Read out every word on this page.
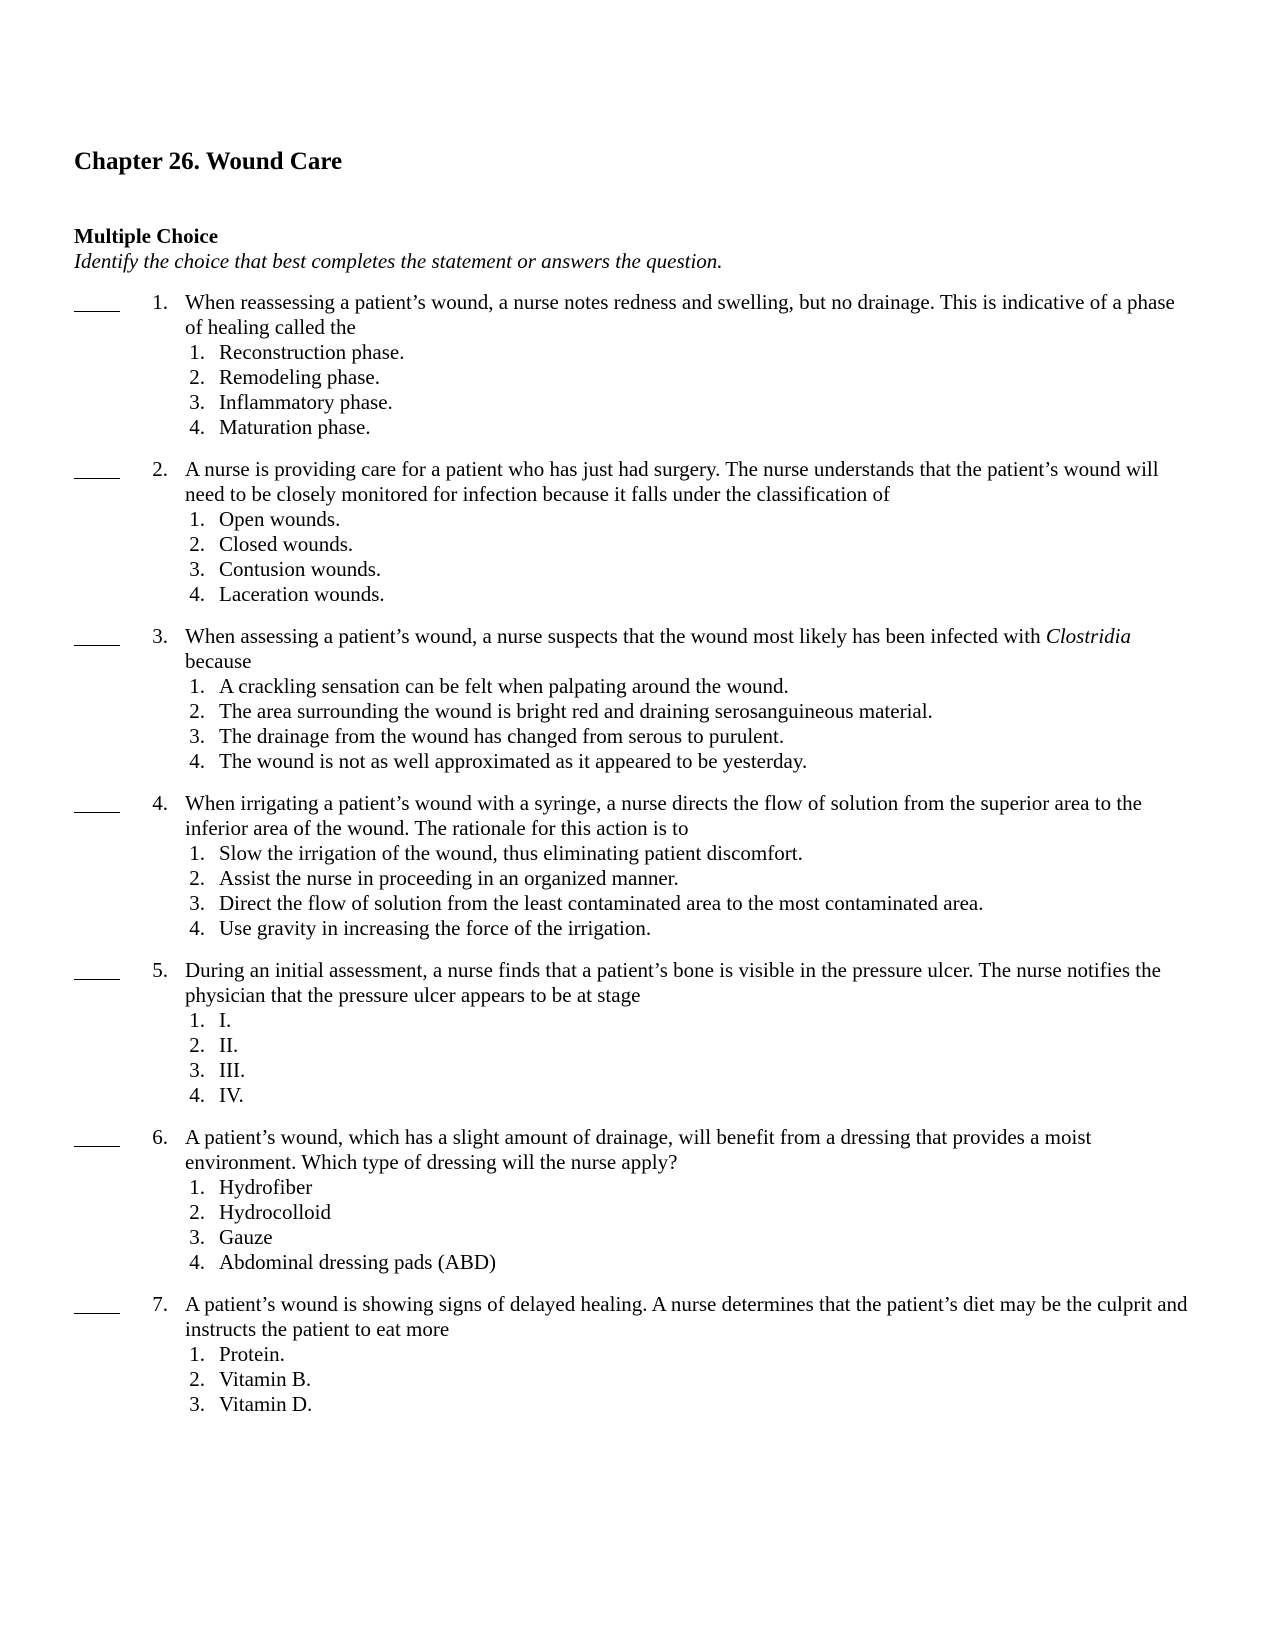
Chapter 26. Wound Care
Multiple Choice
Identify the choice that best completes the statement or answers the question.
1. When reassessing a patient’s wound, a nurse notes redness and swelling, but no drainage. This is indicative of a phase of healing called the
1. Reconstruction phase.
2. Remodeling phase.
3. Inflammatory phase.
4. Maturation phase.
2. A nurse is providing care for a patient who has just had surgery. The nurse understands that the patient’s wound will need to be closely monitored for infection because it falls under the classification of
1. Open wounds.
2. Closed wounds.
3. Contusion wounds.
4. Laceration wounds.
3. When assessing a patient’s wound, a nurse suspects that the wound most likely has been infected with Clostridia because
1. A crackling sensation can be felt when palpating around the wound.
2. The area surrounding the wound is bright red and draining serosanguineous material.
3. The drainage from the wound has changed from serous to purulent.
4. The wound is not as well approximated as it appeared to be yesterday.
4. When irrigating a patient’s wound with a syringe, a nurse directs the flow of solution from the superior area to the inferior area of the wound. The rationale for this action is to
1. Slow the irrigation of the wound, thus eliminating patient discomfort.
2. Assist the nurse in proceeding in an organized manner.
3. Direct the flow of solution from the least contaminated area to the most contaminated area.
4. Use gravity in increasing the force of the irrigation.
5. During an initial assessment, a nurse finds that a patient’s bone is visible in the pressure ulcer. The nurse notifies the physician that the pressure ulcer appears to be at stage
1. I.
2. II.
3. III.
4. IV.
6. A patient’s wound, which has a slight amount of drainage, will benefit from a dressing that provides a moist environment. Which type of dressing will the nurse apply?
1. Hydrofiber
2. Hydrocolloid
3. Gauze
4. Abdominal dressing pads (ABD)
7. A patient’s wound is showing signs of delayed healing. A nurse determines that the patient’s diet may be the culprit and instructs the patient to eat more
1. Protein.
2. Vitamin B.
3. Vitamin D.
